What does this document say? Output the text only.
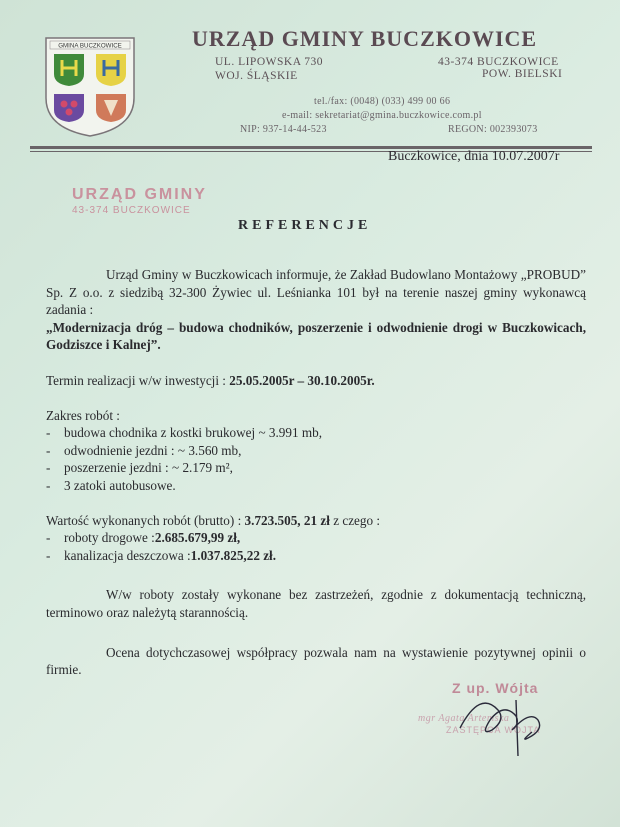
GMINA BUCZKOWICE	URZĄD GMINY BUCZKOWICE
UL. LIPOWSKA 730	43-374 BUCZKOWICE
WOJ. ŚLĄSKIE	POW. BIELSKI
tel./fax: (0048) (033) 499 00 66
e-mail: sekretariat@gmina.buczkowice.com.pl
NIP: 937-14-44-523	REGON: 002393073
Buczkowice, dnia 10.07.2007r
URZĄD GMINY
43-374 BUCZKOWICE
REFERENCJE

Urząd Gminy w Buczkowicach informuje, że Zakład Budowlano Montażowy „PROBUD” Sp. Z o.o. z siedzibą 32-300 Żywiec ul. Leśnianka 101 był na terenie naszej gminy wykonawcą zadania :

„Modernizacja dróg – budowa chodników, poszerzenie i odwodnienie drogi w Buczkowicach, Godziszce i Kalnej”.

Termin realizacji w/w inwestycji : 25.05.2005r – 30.10.2005r.

Zakres robót :

-	budowa chodnika z kostki brukowej ~ 3.991 mb,
-	odwodnienie jezdni : ~ 3.560 mb,
-	poszerzenie jezdni : ~ 2.179 m²,
-	3 zatoki autobusowe.

Wartość wykonanych robót (brutto) : 3.723.505, 21 zł z czego :

-	roboty drogowe : 2.685.679,99 zł,
-	kanalizacja deszczowa : 1.037.825,22 zł.

W/w roboty zostały wykonane bez zastrzeżeń, zgodnie z dokumentacją techniczną, terminowo oraz należytą starannością.

Ocena dotychczasowej współpracy pozwala nam na wystawienie pozytywnej opinii o firmie.

Z up. Wójta
mgr Agata Artemska
ZASTĘPCA WÓJTA
